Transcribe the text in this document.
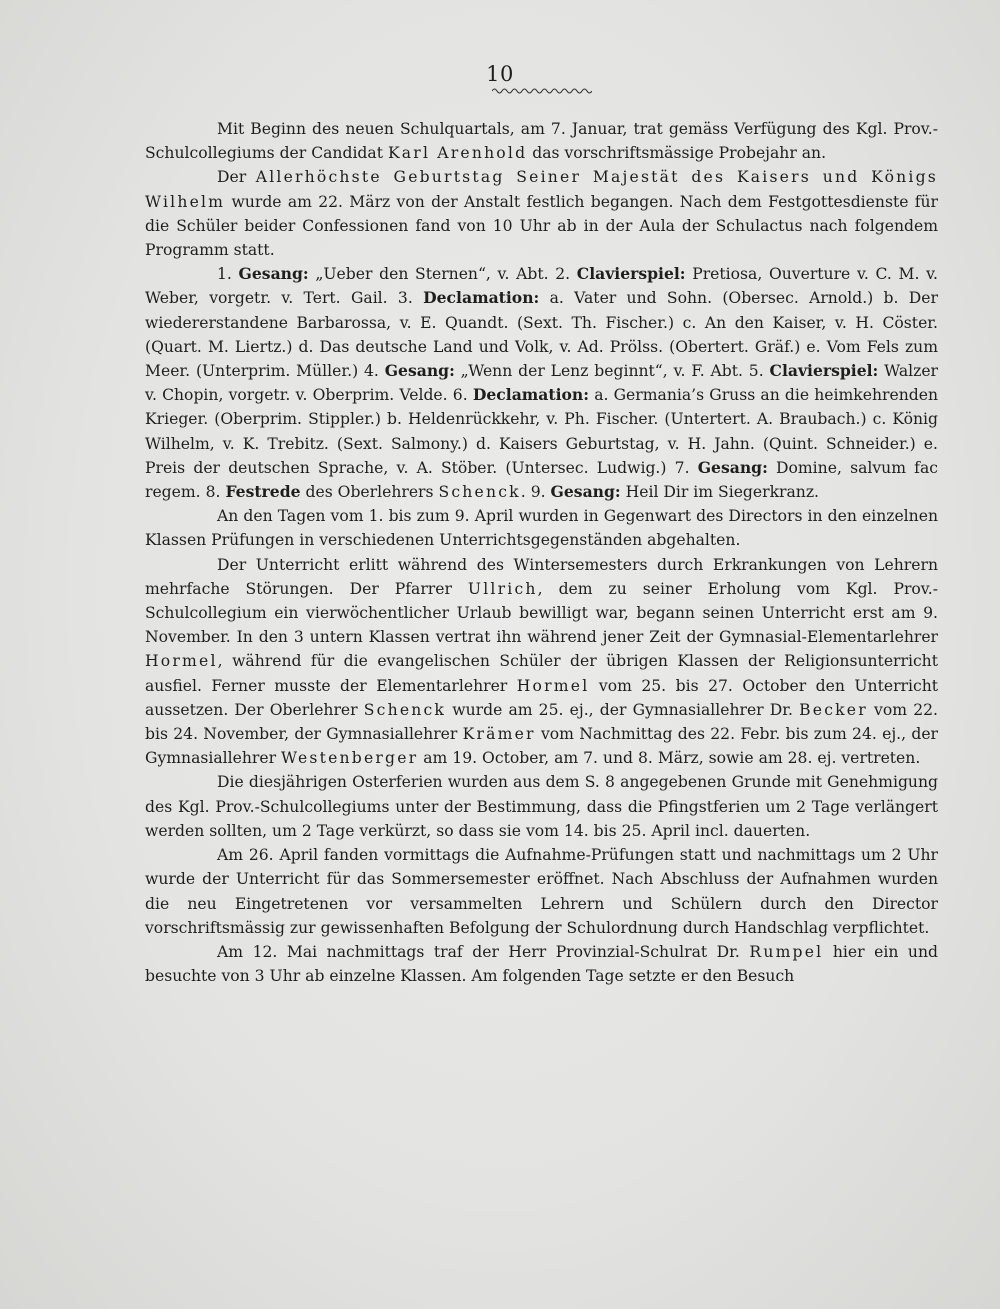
10

Mit Beginn des neuen Schulquartals, am 7. Januar, trat gemäss Verfügung des Kgl. Prov.-Schulcollegiums der Candidat Karl Arenhold das vorschriftsmässige Probejahr an.

Der Allerhöchste Geburtstag Seiner Majestät des Kaisers und Königs Wilhelm wurde am 22. März von der Anstalt festlich begangen. Nach dem Festgottesdienste für die Schüler beider Confessionen fand von 10 Uhr ab in der Aula der Schulactus nach folgendem Programm statt.

1. Gesang: „Ueber den Sternen“, v. Abt. 2. Clavierspiel: Pretiosa, Ouverture v. C. M. v. Weber, vorgetr. v. Tert. Gail. 3. Declamation: a. Vater und Sohn. (Obersec. Arnold.) b. Der wiedererstandene Barbarossa, v. E. Quandt. (Sext. Th. Fischer.) c. An den Kaiser, v. H. Cöster. (Quart. M. Liertz.) d. Das deutsche Land und Volk, v. Ad. Prölss. (Obertert. Gräf.) e. Vom Fels zum Meer. (Unterprim. Müller.) 4. Gesang: „Wenn der Lenz beginnt“, v. F. Abt. 5. Clavierspiel: Walzer v. Chopin, vorgetr. v. Oberprim. Velde. 6. Declamation: a. Germania’s Gruss an die heimkehrenden Krieger. (Oberprim. Stippler.) b. Heldenrückkehr, v. Ph. Fischer. (Untertert. A. Braubach.) c. König Wilhelm, v. K. Trebitz. (Sext. Salmony.) d. Kaisers Geburtstag, v. H. Jahn. (Quint. Schneider.) e. Preis der deutschen Sprache, v. A. Stöber. (Untersec. Ludwig.) 7. Gesang: Domine, salvum fac regem. 8. Festrede des Oberlehrers Schenck. 9. Gesang: Heil Dir im Siegerkranz.

An den Tagen vom 1. bis zum 9. April wurden in Gegenwart des Directors in den einzelnen Klassen Prüfungen in verschiedenen Unterrichtsgegenständen abgehalten.

Der Unterricht erlitt während des Wintersemesters durch Erkrankungen von Lehrern mehrfache Störungen. Der Pfarrer Ullrich, dem zu seiner Erholung vom Kgl. Prov.-Schulcollegium ein vierwöchentlicher Urlaub bewilligt war, begann seinen Unterricht erst am 9. November. In den 3 untern Klassen vertrat ihn während jener Zeit der Gymnasial-Elementarlehrer Hormel, während für die evangelischen Schüler der übrigen Klassen der Religionsunterricht ausfiel. Ferner musste der Elementarlehrer Hormel vom 25. bis 27. October den Unterricht aussetzen. Der Oberlehrer Schenck wurde am 25. ej., der Gymnasiallehrer Dr. Becker vom 22. bis 24. November, der Gymnasiallehrer Krämer vom Nachmittag des 22. Febr. bis zum 24. ej., der Gymnasiallehrer Westenberger am 19. October, am 7. und 8. März, sowie am 28. ej. vertreten.

Die diesjährigen Osterferien wurden aus dem S. 8 angegebenen Grunde mit Genehmigung des Kgl. Prov.-Schulcollegiums unter der Bestimmung, dass die Pfingstferien um 2 Tage verlängert werden sollten, um 2 Tage verkürzt, so dass sie vom 14. bis 25. April incl. dauerten.

Am 26. April fanden vormittags die Aufnahme-Prüfungen statt und nachmittags um 2 Uhr wurde der Unterricht für das Sommersemester eröffnet. Nach Abschluss der Aufnahmen wurden die neu Eingetretenen vor versammelten Lehrern und Schülern durch den Director vorschriftsmässig zur gewissenhaften Befolgung der Schulordnung durch Handschlag verpflichtet.

Am 12. Mai nachmittags traf der Herr Provinzial-Schulrat Dr. Rumpel hier ein und besuchte von 3 Uhr ab einzelne Klassen. Am folgenden Tage setzte er den Besuch
